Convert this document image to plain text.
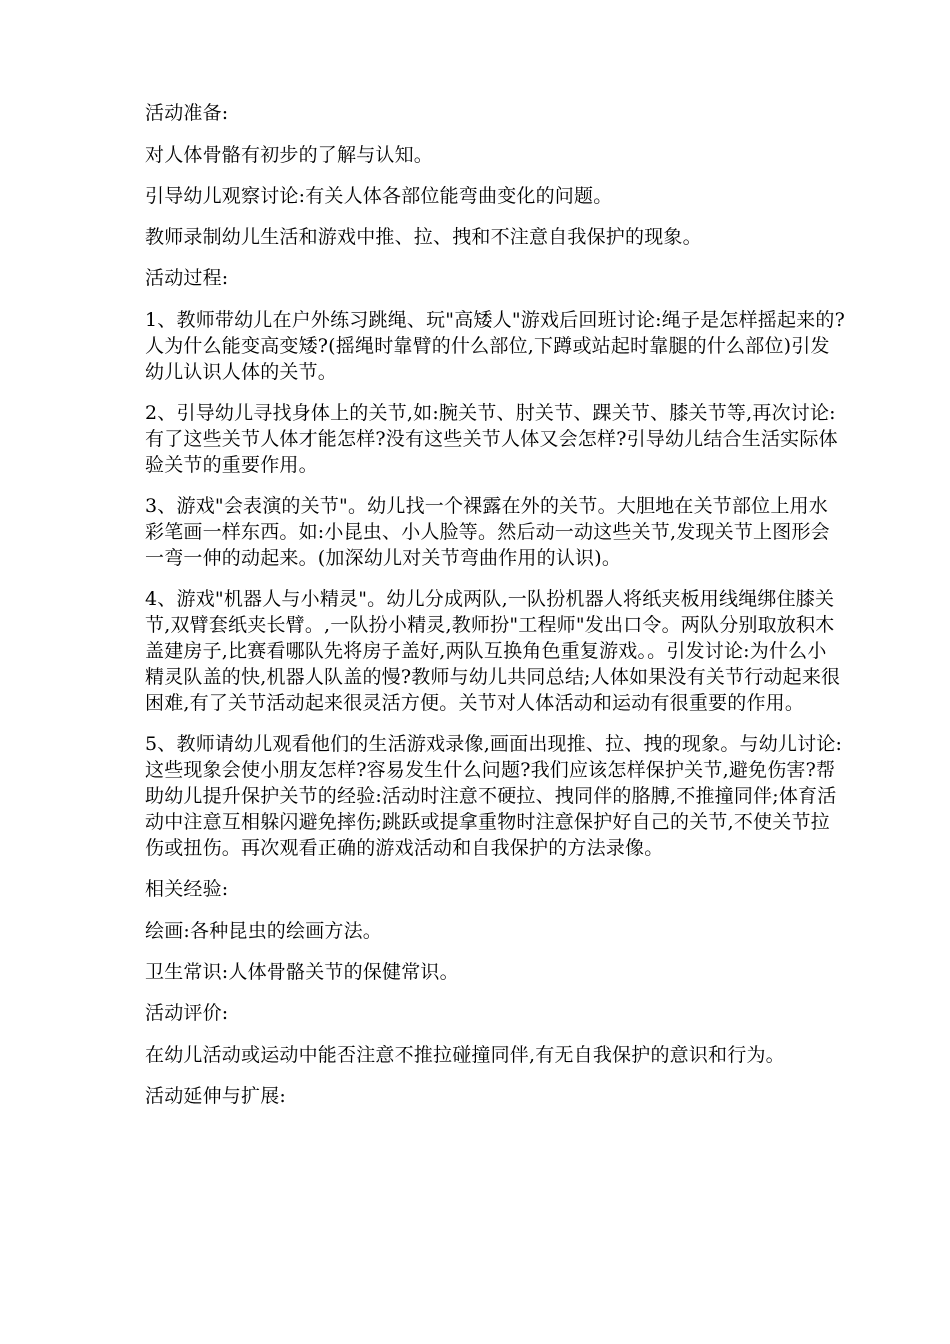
活动准备:

对人体骨骼有初步的了解与认知。

引导幼儿观察讨论:有关人体各部位能弯曲变化的问题。

教师录制幼儿生活和游戏中推、拉、拽和不注意自我保护的现象。

活动过程:

1、教师带幼儿在户外练习跳绳、玩"高矮人"游戏后回班讨论:绳子是怎样摇起来的?人为什么能变高变矮?(摇绳时靠臂的什么部位,下蹲或站起时靠腿的什么部位)引发幼儿认识人体的关节。

2、引导幼儿寻找身体上的关节,如:腕关节、肘关节、踝关节、膝关节等,再次讨论:有了这些关节人体才能怎样?没有这些关节人体又会怎样?引导幼儿结合生活实际体验关节的重要作用。

3、游戏"会表演的关节"。幼儿找一个裸露在外的关节。大胆地在关节部位上用水彩笔画一样东西。如:小昆虫、小人脸等。然后动一动这些关节,发现关节上图形会一弯一伸的动起来。(加深幼儿对关节弯曲作用的认识)。

4、游戏"机器人与小精灵"。幼儿分成两队,一队扮机器人将纸夹板用线绳绑住膝关节,双臂套纸夹长臂。,一队扮小精灵,教师扮"工程师"发出口令。两队分别取放积木盖建房子,比赛看哪队先将房子盖好,两队互换角色重复游戏。。引发讨论:为什么小精灵队盖的快,机器人队盖的慢?教师与幼儿共同总结;人体如果没有关节行动起来很困难,有了关节活动起来很灵活方便。关节对人体活动和运动有很重要的作用。

5、教师请幼儿观看他们的生活游戏录像,画面出现推、拉、拽的现象。与幼儿讨论:这些现象会使小朋友怎样?容易发生什么问题?我们应该怎样保护关节,避免伤害?帮助幼儿提升保护关节的经验:活动时注意不硬拉、拽同伴的胳膊,不推撞同伴;体育活动中注意互相躲闪避免摔伤;跳跃或提拿重物时注意保护好自己的关节,不使关节拉伤或扭伤。再次观看正确的游戏活动和自我保护的方法录像。

相关经验:

绘画:各种昆虫的绘画方法。

卫生常识:人体骨骼关节的保健常识。

活动评价:

在幼儿活动或运动中能否注意不推拉碰撞同伴,有无自我保护的意识和行为。

活动延伸与扩展:
